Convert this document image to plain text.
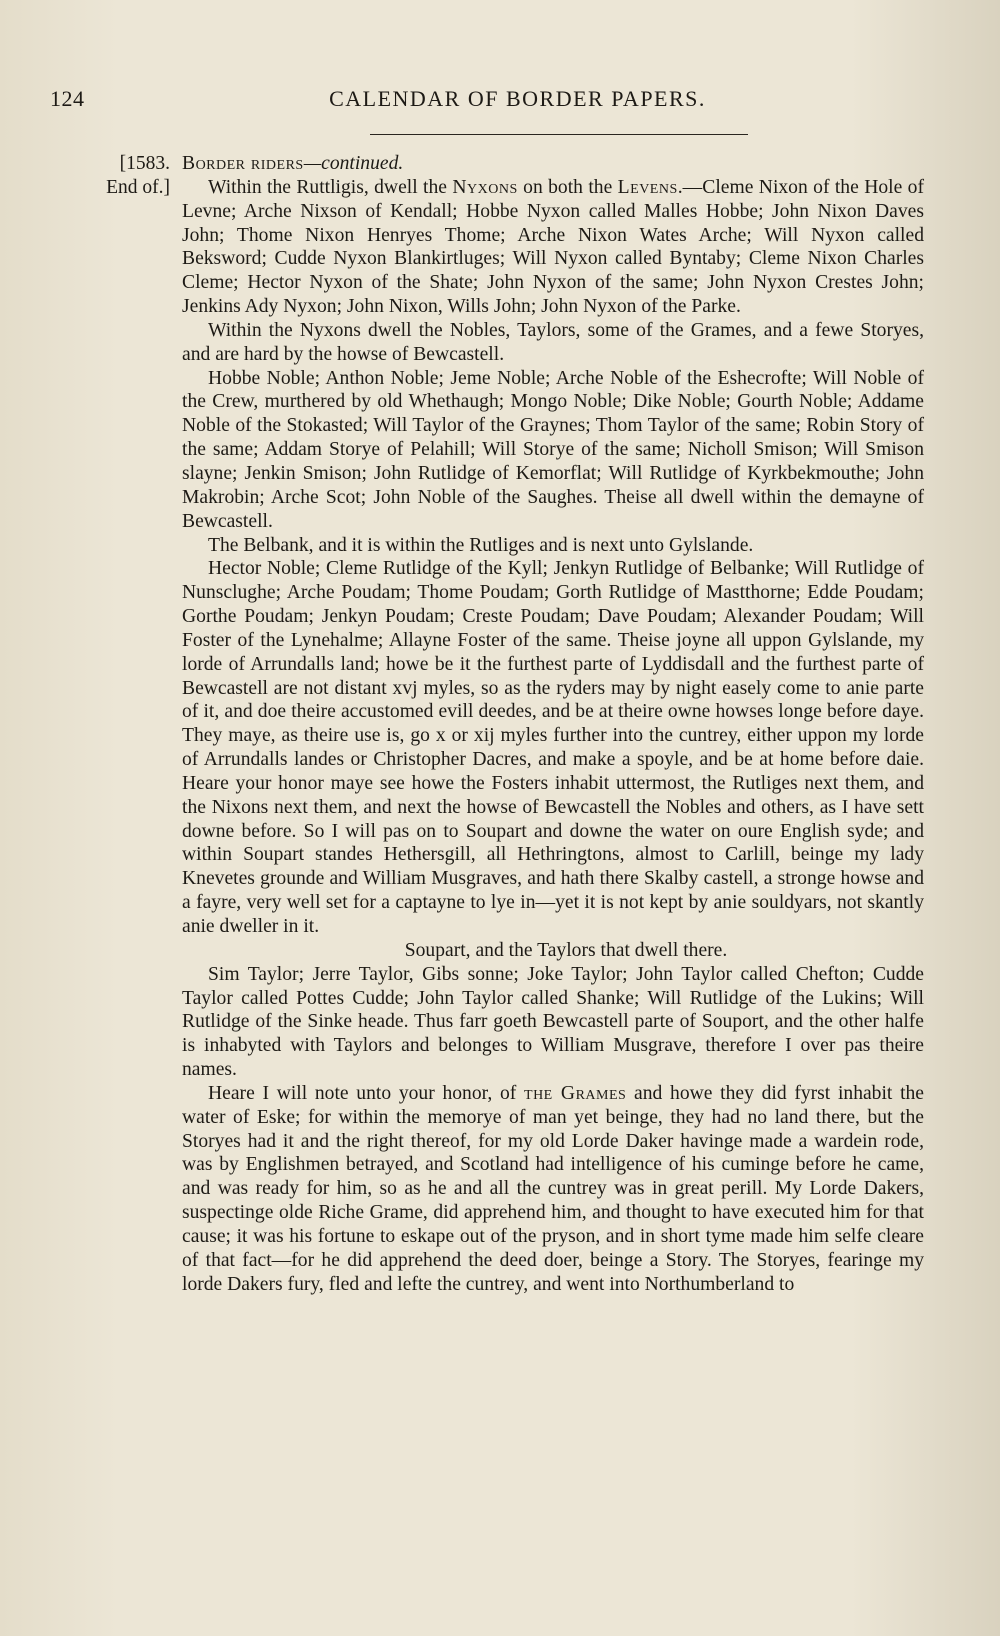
124	CALENDAR OF BORDER PAPERS.
[1583.
End of.]

Border riders—continued.

Within the Ruttligis, dwell the Nyxons on both the Levens.—Cleme Nixon of the Hole of Levne; Arche Nixson of Kendall; Hobbe Nyxon called Malles Hobbe; John Nixon Daves John; Thome Nixon Henryes Thome; Arche Nixon Wates Arche; Will Nyxon called Beksword; Cudde Nyxon Blankirtluges; Will Nyxon called Byntaby; Cleme Nixon Charles Cleme; Hector Nyxon of the Shate; John Nyxon of the same; John Nyxon Crestes John; Jenkins Ady Nyxon; John Nixon, Wills John; John Nyxon of the Parke.

Within the Nyxons dwell the Nobles, Taylors, some of the Grames, and a fewe Storyes, and are hard by the howse of Bewcastell.

Hobbe Noble; Anthon Noble; Jeme Noble; Arche Noble of the Eshecrofte; Will Noble of the Crew, murthered by old Whethaugh; Mongo Noble; Dike Noble; Gourth Noble; Addame Noble of the Stokasted; Will Taylor of the Graynes; Thom Taylor of the same; Robin Story of the same; Addam Storye of Pelahill; Will Storye of the same; Nicholl Smison; Will Smison slayne; Jenkin Smison; John Rutlidge of Kemorflat; Will Rutlidge of Kyrkbekmouthe; John Makrobin; Arche Scot; John Noble of the Saughes. Theise all dwell within the demayne of Bewcastell.

The Belbank, and it is within the Rutliges and is next unto Gylslande.

Hector Noble; Cleme Rutlidge of the Kyll; Jenkyn Rutlidge of Belbanke; Will Rutlidge of Nunsclughe; Arche Poudam; Thome Poudam; Gorth Rutlidge of Mastthorne; Edde Poudam; Gorthe Poudam; Jenkyn Poudam; Creste Poudam; Dave Poudam; Alexander Poudam; Will Foster of the Lynehalme; Allayne Foster of the same. Theise joyne all uppon Gylslande, my lorde of Arrundalls land; howe be it the furthest parte of Lyddisdall and the furthest parte of Bewcastell are not distant xvj myles, so as the ryders may by night easely come to anie parte of it, and doe theire accustomed evill deedes, and be at theire owne howses longe before daye. They maye, as theire use is, go x or xij myles further into the cuntrey, either uppon my lorde of Arrundalls landes or Christopher Dacres, and make a spoyle, and be at home before daie. Heare your honor maye see howe the Fosters inhabit uttermost, the Rutliges next them, and the Nixons next them, and next the howse of Bewcastell the Nobles and others, as I have sett downe before. So I will pas on to Soupart and downe the water on oure English syde; and within Soupart standes Hethersgill, all Hethringtons, almost to Carlill, beinge my lady Knevetes grounde and William Musgraves, and hath there Skalby castell, a stronge howse and a fayre, very well set for a captayne to lye in—yet it is not kept by anie souldyars, not skantly anie dweller in it.

Soupart, and the Taylors that dwell there.

Sim Taylor; Jerre Taylor, Gibs sonne; Joke Taylor; John Taylor called Chefton; Cudde Taylor called Pottes Cudde; John Taylor called Shanke; Will Rutlidge of the Lukins; Will Rutlidge of the Sinke heade. Thus farr goeth Bewcastell parte of Souport, and the other halfe is inhabyted with Taylors and belonges to William Musgrave, therefore I over pas theire names.

Heare I will note unto your honor, of the Grames and howe they did fyrst inhabit the water of Eske; for within the memorye of man yet beinge, they had no land there, but the Storyes had it and the right thereof, for my old Lorde Daker havinge made a wardein rode, was by Englishmen betrayed, and Scotland had intelligence of his cuminge before he came, and was ready for him, so as he and all the cuntrey was in great perill. My Lorde Dakers, suspectinge olde Riche Grame, did apprehend him, and thought to have executed him for that cause; it was his fortune to eskape out of the pryson, and in short tyme made him selfe cleare of that fact—for he did apprehend the deed doer, beinge a Story. The Storyes, fearinge my lorde Dakers fury, fled and lefte the cuntrey, and went into Northumberland to
